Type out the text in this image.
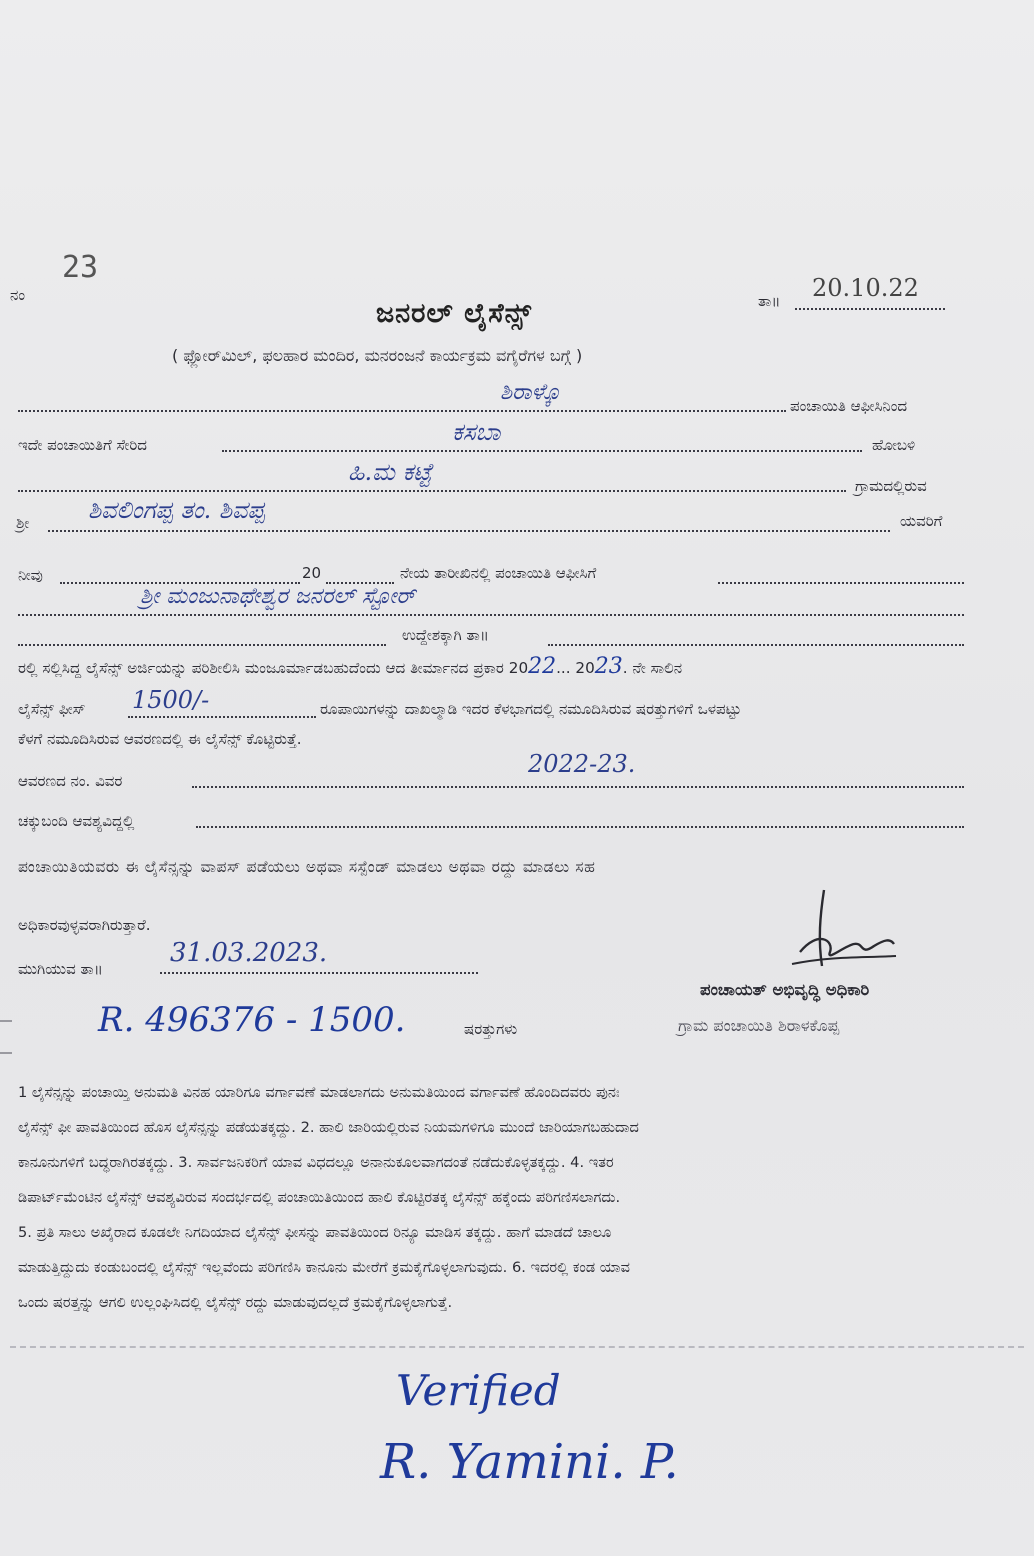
ನಂ
23
ತಾ॥ 20.10.22
ಜನರಲ್ ಲೈಸೆನ್ಸ್
( ಫ್ಲೋರ್‌ಮಿಲ್, ಫಲಹಾರ ಮಂದಿರ, ಮನರಂಜನೆ ಕಾರ್ಯಕ್ರಮ ವಗೈರೆಗಳ ಬಗ್ಗೆ )
ಶಿರಾಳ್ಕೊ
ಪಂಚಾಯಿತಿ ಆಫೀಸಿನಿಂದ
ಇದೇ ಪಂಚಾಯಿತಿಗೆ ಸೇರಿದ	ಕಸಬಾ	ಹೋಬಳಿ
ಹಿ.ಮ ಕಟ್ಟೆ	ಗ್ರಾಮದಲ್ಲಿರುವ
ಶ್ರೀ ಶಿವಲಿಂಗಪ್ಪ ತಂ. ಶಿವಪ್ಪ	ಯವರಿಗೆ
ನೀವು	20	ನೇಯ ತಾರೀಖಿನಲ್ಲಿ ಪಂಚಾಯಿತಿ ಆಫೀಸಿಗೆ
ಶ್ರೀ ಮಂಜುನಾಥೇಶ್ವರ ಜನರಲ್ ಸ್ಟೋರ್
ಉದ್ದೇಶಕ್ಕಾಗಿ ತಾ॥
ರಲ್ಲಿ ಸಲ್ಲಿಸಿದ್ದ ಲೈಸೆನ್ಸ್ ಅರ್ಜಿಯನ್ನು ಪರಿಶೀಲಿಸಿ ಮಂಜೂರ್ಮಾಡಬಹುದೆಂದು ಆದ ತೀರ್ಮಾನದ ಪ್ರಕಾರ 2022... 2023. ನೇ ಸಾಲಿನ
ಲೈಸೆನ್ಸ್ ಫೀಸ್ 1500/-	ರೂಪಾಯಿಗಳನ್ನು ದಾಖಲ್ಮಾಡಿ ಇದರ ಕೆಳಭಾಗದಲ್ಲಿ ನಮೂದಿಸಿರುವ ಷರತ್ತುಗಳಿಗೆ ಒಳಪಟ್ಟು
ಕೆಳಗೆ ನಮೂದಿಸಿರುವ ಆವರಣದಲ್ಲಿ ಈ ಲೈಸೆನ್ಸ್ ಕೊಟ್ಟಿರುತ್ತೆ.
ಆವರಣದ ನಂ. ವಿವರ
2022-23.
ಚಕ್ಕುಬಂದಿ ಆವಶ್ಯವಿದ್ದಲ್ಲಿ
ಪಂಚಾಯಿತಿಯವರು ಈ ಲೈಸೆನ್ಸನ್ನು ವಾಪಸ್ ಪಡೆಯಲು ಅಥವಾ ಸಸ್ಪೆಂಡ್ ಮಾಡಲು ಅಥವಾ ರದ್ದು ಮಾಡಲು ಸಹ
ಅಧಿಕಾರವುಳ್ಳವರಾಗಿರುತ್ತಾರೆ.
ಮುಗಿಯುವ ತಾ॥
31.03.2023.
ಪಂಚಾಯತ್ ಅಭಿವೃದ್ಧಿ ಅಧಿಕಾರಿ
ಗ್ರಾಮ ಪಂಚಾಯಿತಿ ಶಿರಾಳಕೊಪ್ಪ
R. 496376 - 1500.	ಷರತ್ತುಗಳು
1 ಲೈಸೆನ್ಸನ್ನು ಪಂಚಾಯ್ತಿ ಅನುಮತಿ ವಿನಹ ಯಾರಿಗೂ ವರ್ಗಾವಣೆ ಮಾಡಲಾಗದು ಅನುಮತಿಯಿಂದ ವರ್ಗಾವಣೆ ಹೊಂದಿದವರು ಪುನಃ
ಲೈಸೆನ್ಸ್ ಫೀ ಪಾವತಿಯಿಂದ ಹೊಸ ಲೈಸೆನ್ಸನ್ನು ಪಡೆಯತಕ್ಕದ್ದು. 2. ಹಾಲಿ ಜಾರಿಯಲ್ಲಿರುವ ನಿಯಮಗಳಿಗೂ ಮುಂದೆ ಜಾರಿಯಾಗಬಹುದಾದ
ಕಾನೂನುಗಳಿಗೆ ಬದ್ಧರಾಗಿರತಕ್ಕದ್ದು. 3. ಸಾರ್ವಜನಿಕರಿಗೆ ಯಾವ ವಿಧದಲ್ಲೂ ಅನಾನುಕೂಲವಾಗದಂತೆ ನಡೆದುಕೊಳ್ಳತಕ್ಕದ್ದು. 4. ಇತರ
ಡಿಪಾರ್ಟ್‌ಮೆಂಟಿನ ಲೈಸೆನ್ಸ್ ಆವಶ್ಯವಿರುವ ಸಂದರ್ಭದಲ್ಲಿ ಪಂಚಾಯಿತಿಯಿಂದ ಹಾಲಿ ಕೊಟ್ಟಿರತಕ್ಕ ಲೈಸೆನ್ಸ್ ಹಕ್ಕೆಂದು ಪರಿಗಣಿಸಲಾಗದು.
5. ಪ್ರತಿ ಸಾಲು ಅಖೈರಾದ ಕೂಡಲೇ ನಿಗದಿಯಾದ ಲೈಸೆನ್ಸ್ ಫೀಸನ್ನು ಪಾವತಿಯಿಂದ ರಿನ್ಯೂ ಮಾಡಿಸ ತಕ್ಕದ್ದು. ಹಾಗೆ ಮಾಡದೆ ಚಾಲೂ
ಮಾಡುತ್ತಿದ್ದುದು ಕಂಡುಬಂದಲ್ಲಿ ಲೈಸೆನ್ಸ್ ಇಲ್ಲವೆಂದು ಪರಿಗಣಿಸಿ ಕಾನೂನು ಮೇರೆಗೆ ಕ್ರಮಕೈಗೊಳ್ಳಲಾಗುವುದು. 6. ಇದರಲ್ಲಿ ಕಂಡ ಯಾವ
ಒಂದು ಷರತ್ತನ್ನು ಆಗಲಿ ಉಲ್ಲಂಘಿಸಿದಲ್ಲಿ ಲೈಸೆನ್ಸ್ ರದ್ದು ಮಾಡುವುದಲ್ಲದೆ ಕ್ರಮಕೈಗೊಳ್ಳಲಾಗುತ್ತೆ.
Verified
R. Yamini. P.
